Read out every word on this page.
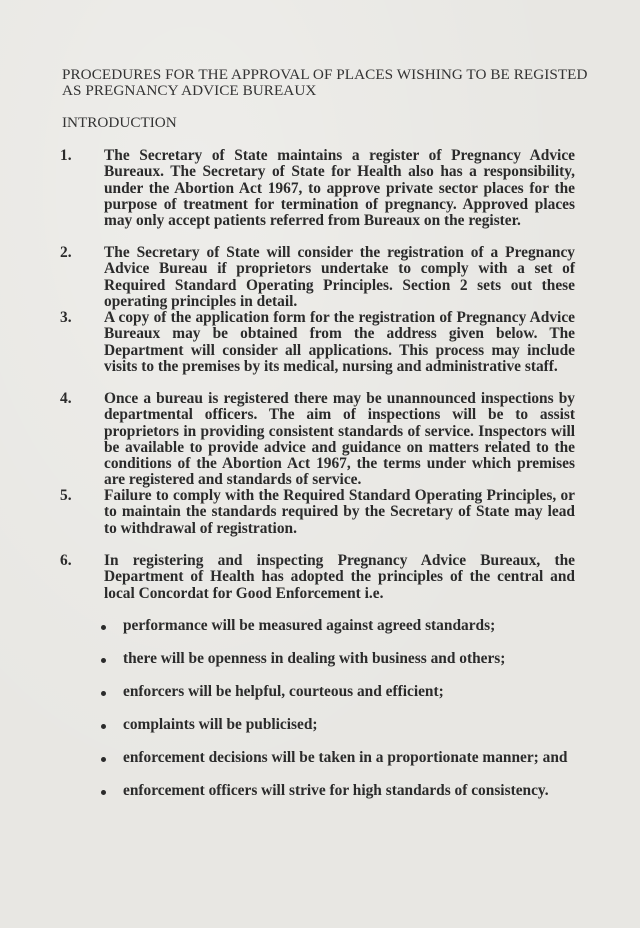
PROCEDURES FOR THE APPROVAL OF PLACES WISHING TO BE REGISTED AS PREGNANCY ADVICE BUREAUX
INTRODUCTION
1. The Secretary of State maintains a register of Pregnancy Advice Bureaux. The Secretary of State for Health also has a responsibility, under the Abortion Act 1967, to approve private sector places for the purpose of treatment for termination of pregnancy. Approved places may only accept patients referred from Bureaux on the register.
2. The Secretary of State will consider the registration of a Pregnancy Advice Bureau if proprietors undertake to comply with a set of Required Standard Operating Principles. Section 2 sets out these operating principles in detail.
3. A copy of the application form for the registration of Pregnancy Advice Bureaux may be obtained from the address given below. The Department will consider all applications. This process may include visits to the premises by its medical, nursing and administrative staff.
4. Once a bureau is registered there may be unannounced inspections by departmental officers. The aim of inspections will be to assist proprietors in providing consistent standards of service. Inspectors will be available to provide advice and guidance on matters related to the conditions of the Abortion Act 1967, the terms under which premises are registered and standards of service.
5. Failure to comply with the Required Standard Operating Principles, or to maintain the standards required by the Secretary of State may lead to withdrawal of registration.
6. In registering and inspecting Pregnancy Advice Bureaux, the Department of Health has adopted the principles of the central and local Concordat for Good Enforcement i.e.
performance will be measured against agreed standards;
there will be openness in dealing with business and others;
enforcers will be helpful, courteous and efficient;
complaints will be publicised;
enforcement decisions will be taken in a proportionate manner; and
enforcement officers will strive for high standards of consistency.
